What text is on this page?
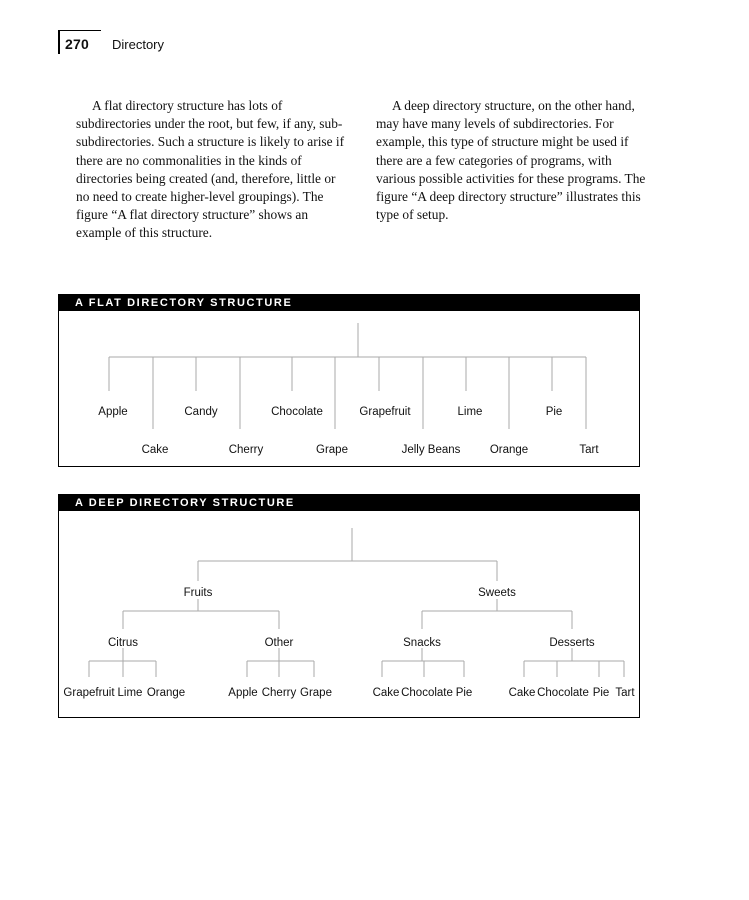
270 Directory

A flat directory structure has lots of subdirectories under the root, but few, if any, sub-subdirectories. Such a structure is likely to arise if there are no commonalities in the kinds of directories being created (and, therefore, little or no need to create higher-level groupings). The figure “A flat directory structure” shows an example of this structure.

A deep directory structure, on the other hand, may have many levels of subdirectories. For example, this type of structure might be used if there are a few categories of programs, with various possible activities for these programs. The figure “A deep directory structure” illustrates this type of setup.

A FLAT DIRECTORY STRUCTURE
Apple
Cake
Candy
Cherry
Chocolate
Grape
Grapefruit
Jelly Beans
Lime
Orange
Pie
Tart
A DEEP DIRECTORY STRUCTURE
Fruits	Sweets
Citrus	Other	Snacks	Desserts
Grapefruit Lime Orange	Apple Cherry Grape	Cake Chocolate Pie	Cake Chocolate Pie Tart
